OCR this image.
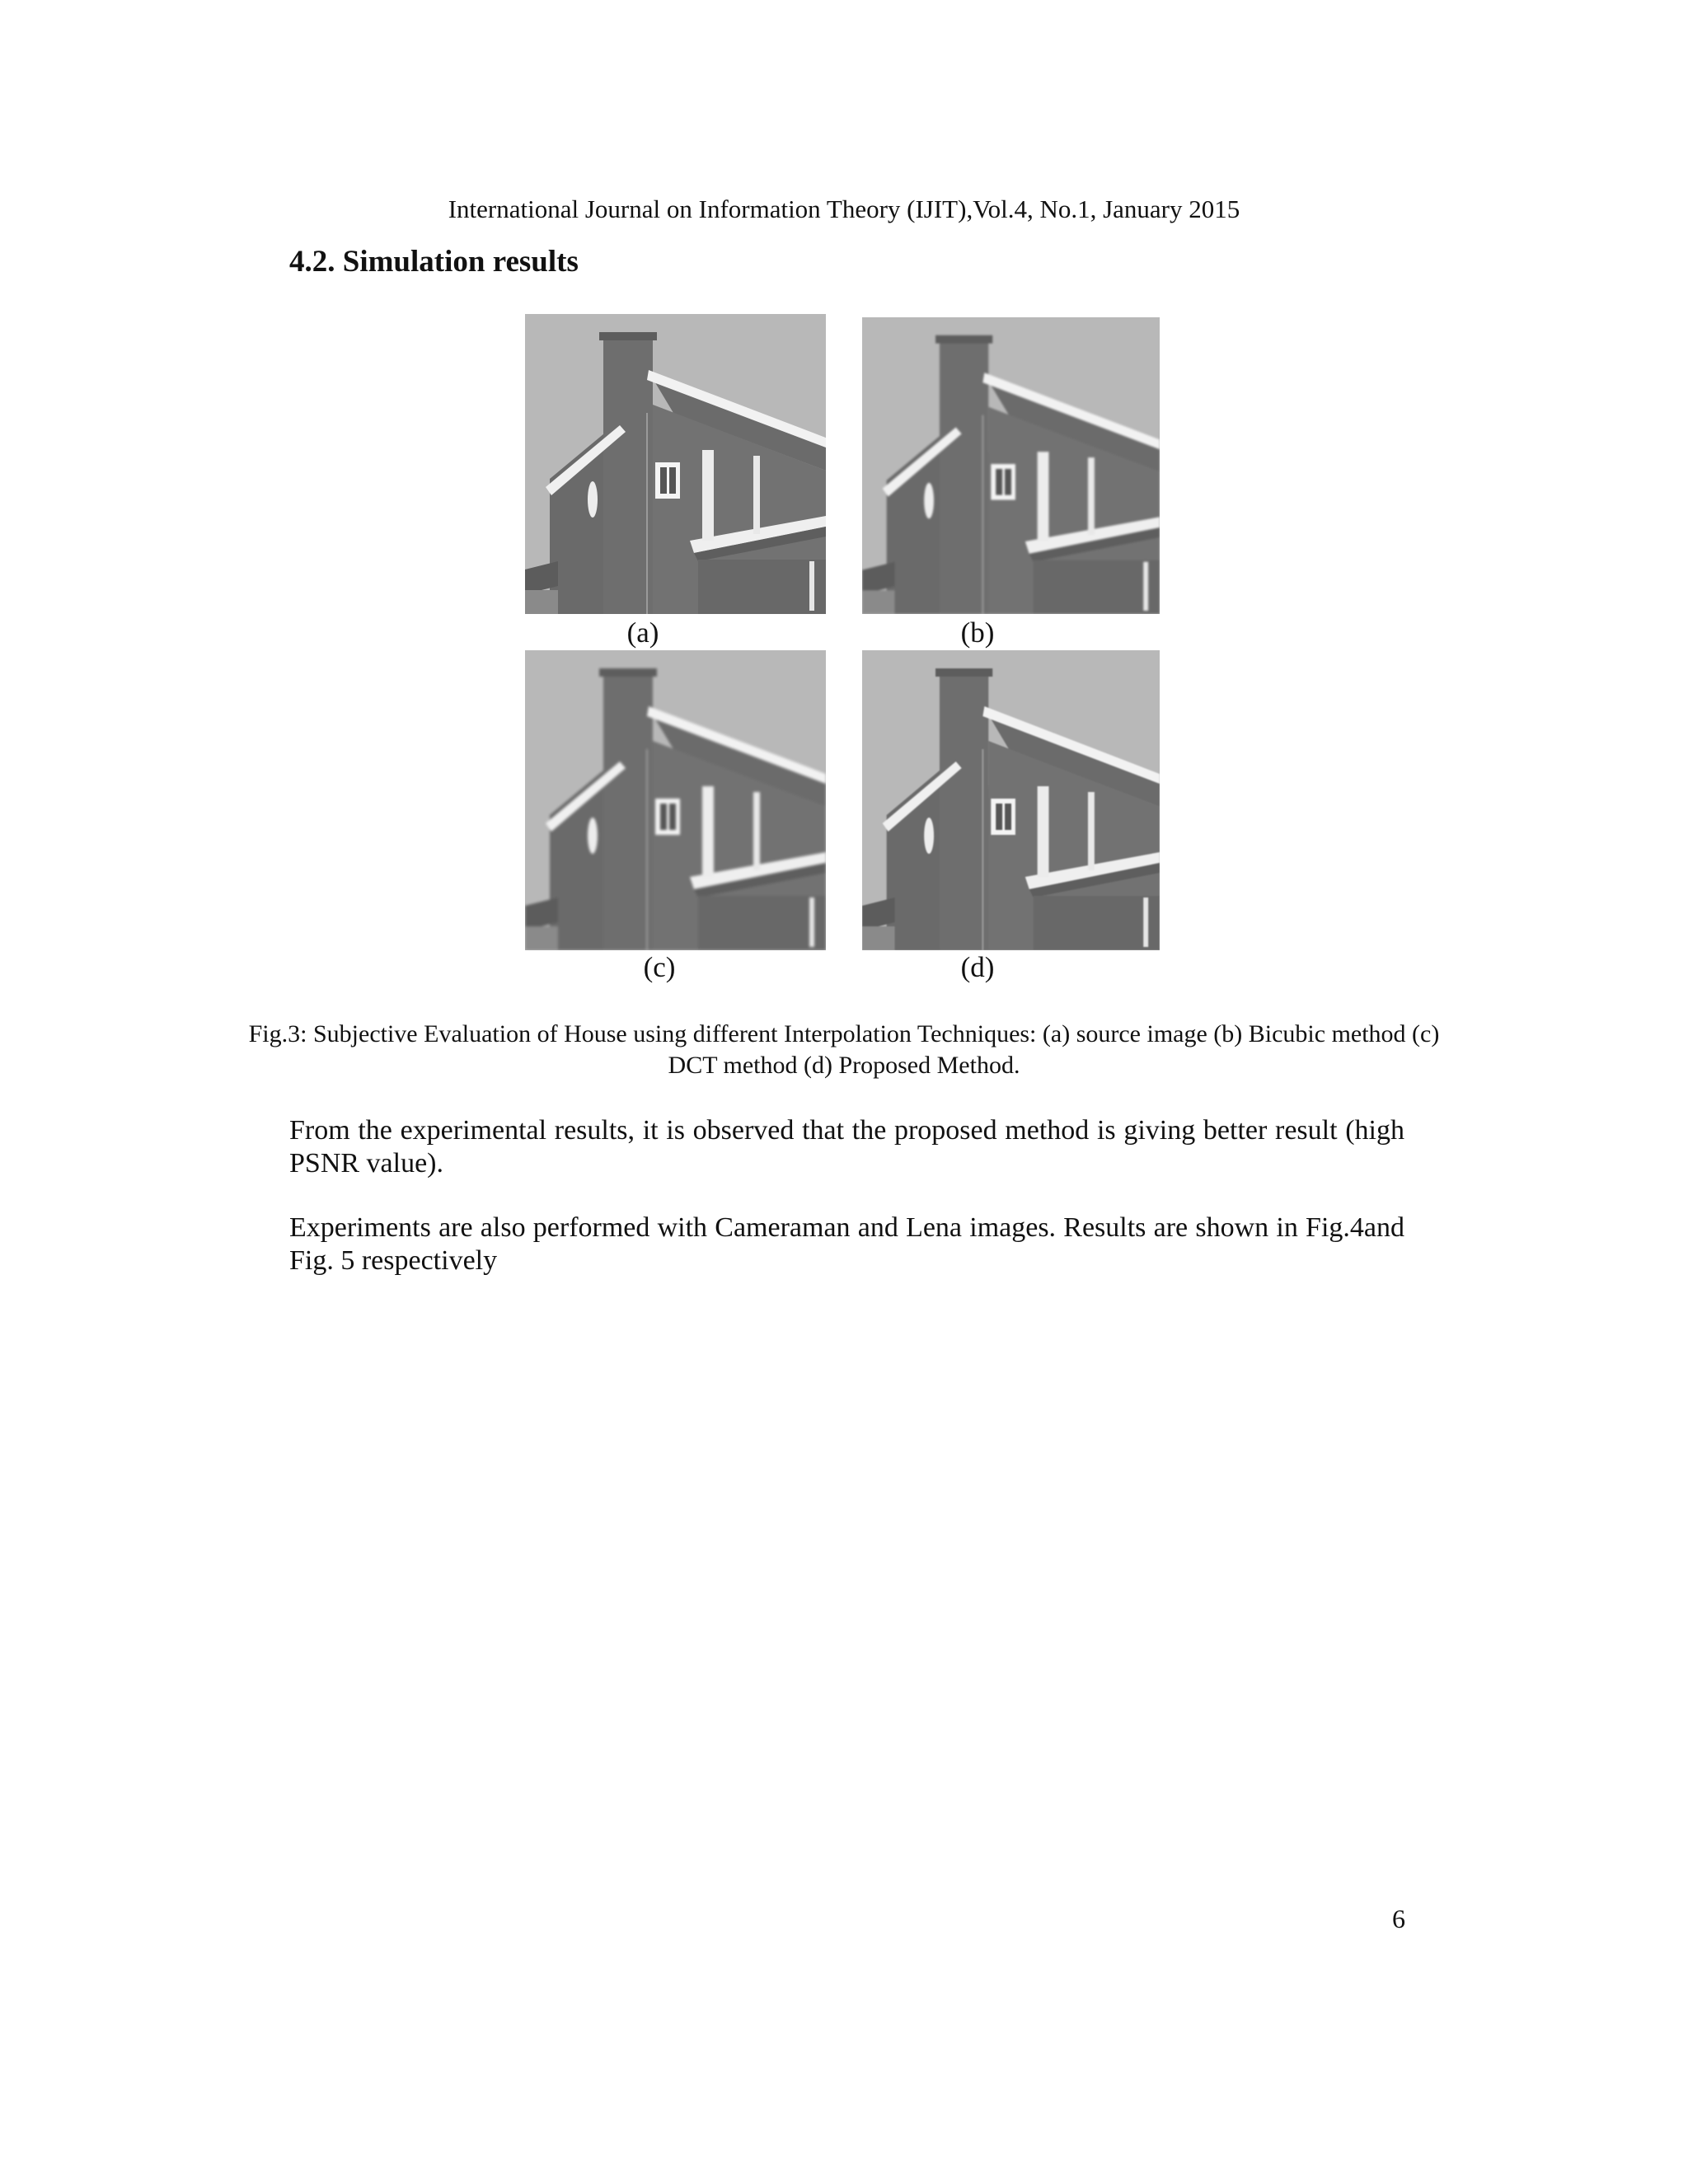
International Journal on Information Theory (IJIT),Vol.4, No.1, January 2015
4.2. Simulation results
(a)	(b)
(c)	(d)
Fig.3: Subjective Evaluation of House using different Interpolation Techniques: (a) source image (b) Bicubic method (c) DCT method (d) Proposed Method.
From the experimental results, it is observed that the proposed method is giving better result (high PSNR value).
Experiments are also performed with Cameraman and Lena images. Results are shown in Fig.4and Fig. 5 respectively
6
